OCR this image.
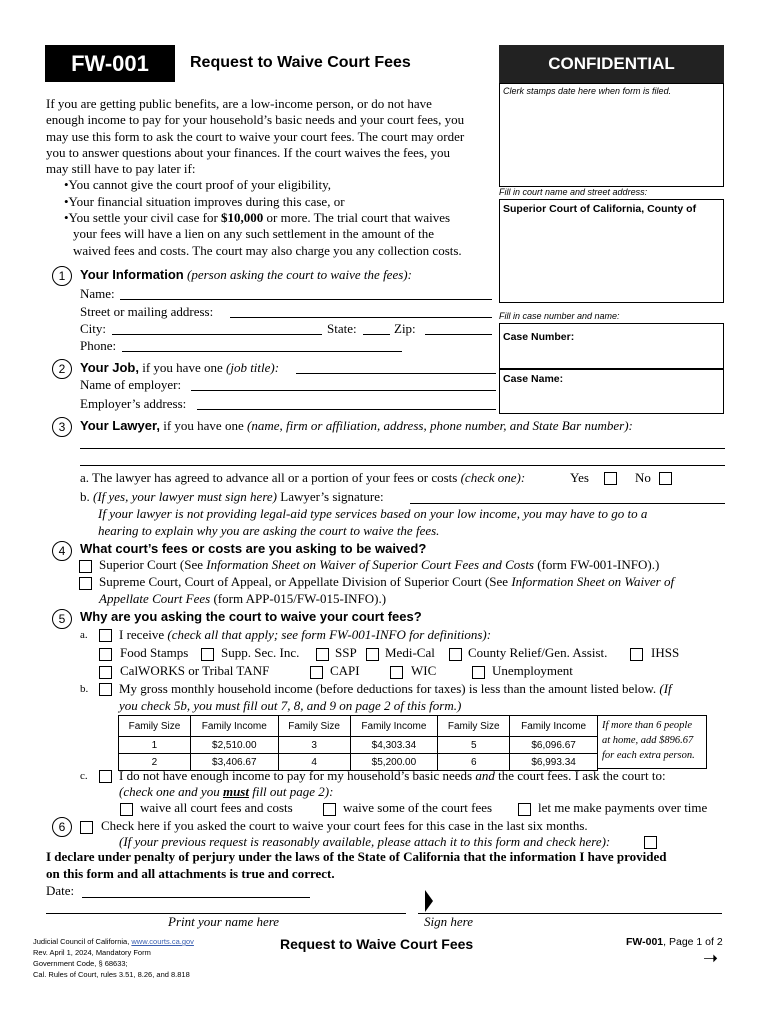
FW-001	Request to Waive Court Fees	CONFIDENTIAL
Clerk stamps date here when form is filed.
If you are getting public benefits, are a low-income person, or do not have
enough income to pay for your household’s basic needs and your court fees, you
may use this form to ask the court to waive your court fees. The court may order
you to answer questions about your finances. If the court waives the fees, you
may still have to pay later if:
•You cannot give the court proof of your eligibility,
•Your financial situation improves during this case, or
•You settle your civil case for $10,000 or more. The trial court that waives
your fees will have a lien on any such settlement in the amount of the
waived fees and costs. The court may also charge you any collection costs.
Fill in court name and street address:
Superior Court of California, County of
Fill in case number and name:
Case Number:
Case Name:
1	Your Information (person asking the court to waive the fees):
Name:
Street or mailing address:
City:	State:	Zip:
Phone:
2	Your Job, if you have one (job title):
Name of employer:
Employer’s address:
3	Your Lawyer, if you have one (name, firm or affiliation, address, phone number, and State Bar number):
a. The lawyer has agreed to advance all or a portion of your fees or costs (check one):	Yes	No
b. (If yes, your lawyer must sign here) Lawyer’s signature:
If your lawyer is not providing legal-aid type services based on your low income, you may have to go to a
hearing to explain why you are asking the court to waive the fees.
4	What court’s fees or costs are you asking to be waived?
Superior Court (See Information Sheet on Waiver of Superior Court Fees and Costs (form FW-001-INFO).)
Supreme Court, Court of Appeal, or Appellate Division of Superior Court (See Information Sheet on Waiver of
Appellate Court Fees (form APP-015/FW-015-INFO).)
5	Why are you asking the court to waive your court fees?
a. I receive (check all that apply; see form FW-001-INFO for definitions):
Food Stamps	Supp. Sec. Inc.	SSP Medi-Cal	County Relief/Gen. Assist.	IHSS
CalWORKS or Tribal TANF	CAPI	WIC	Unemployment
b. My gross monthly household income (before deductions for taxes) is less than the amount listed below. (If
you check 5b, you must fill out 7, 8, and 9 on page 2 of this form.)
Family Size	Family Income	Family Size	Family Income	Family Size	Family Income
1	$2,510.00	3	$4,303.34	5	$6,096.67
2	$3,406.67	4	$5,200.00	6	$6,993.34
If more than 6 people
at home, add $896.67
for each extra person.
c. I do not have enough income to pay for my household’s basic needs and the court fees. I ask the court to:
(check one and you must fill out page 2):
waive all court fees and costs	waive some of the court fees	let me make payments over time
6	Check here if you asked the court to waive your court fees for this case in the last six months.
(If your previous request is reasonably available, please attach it to this form and check here):
I declare under penalty of perjury under the laws of the State of California that the information I have provided
on this form and all attachments is true and correct.
Date:
Print your name here	Sign here
Judicial Council of California, www.courts.ca.gov
Rev. April 1, 2024, Mandatory Form
Government Code, § 68633;
Cal. Rules of Court, rules 3.51, 8.26, and 8.818
Request to Waive Court Fees	FW-001, Page 1 of 2
➝
